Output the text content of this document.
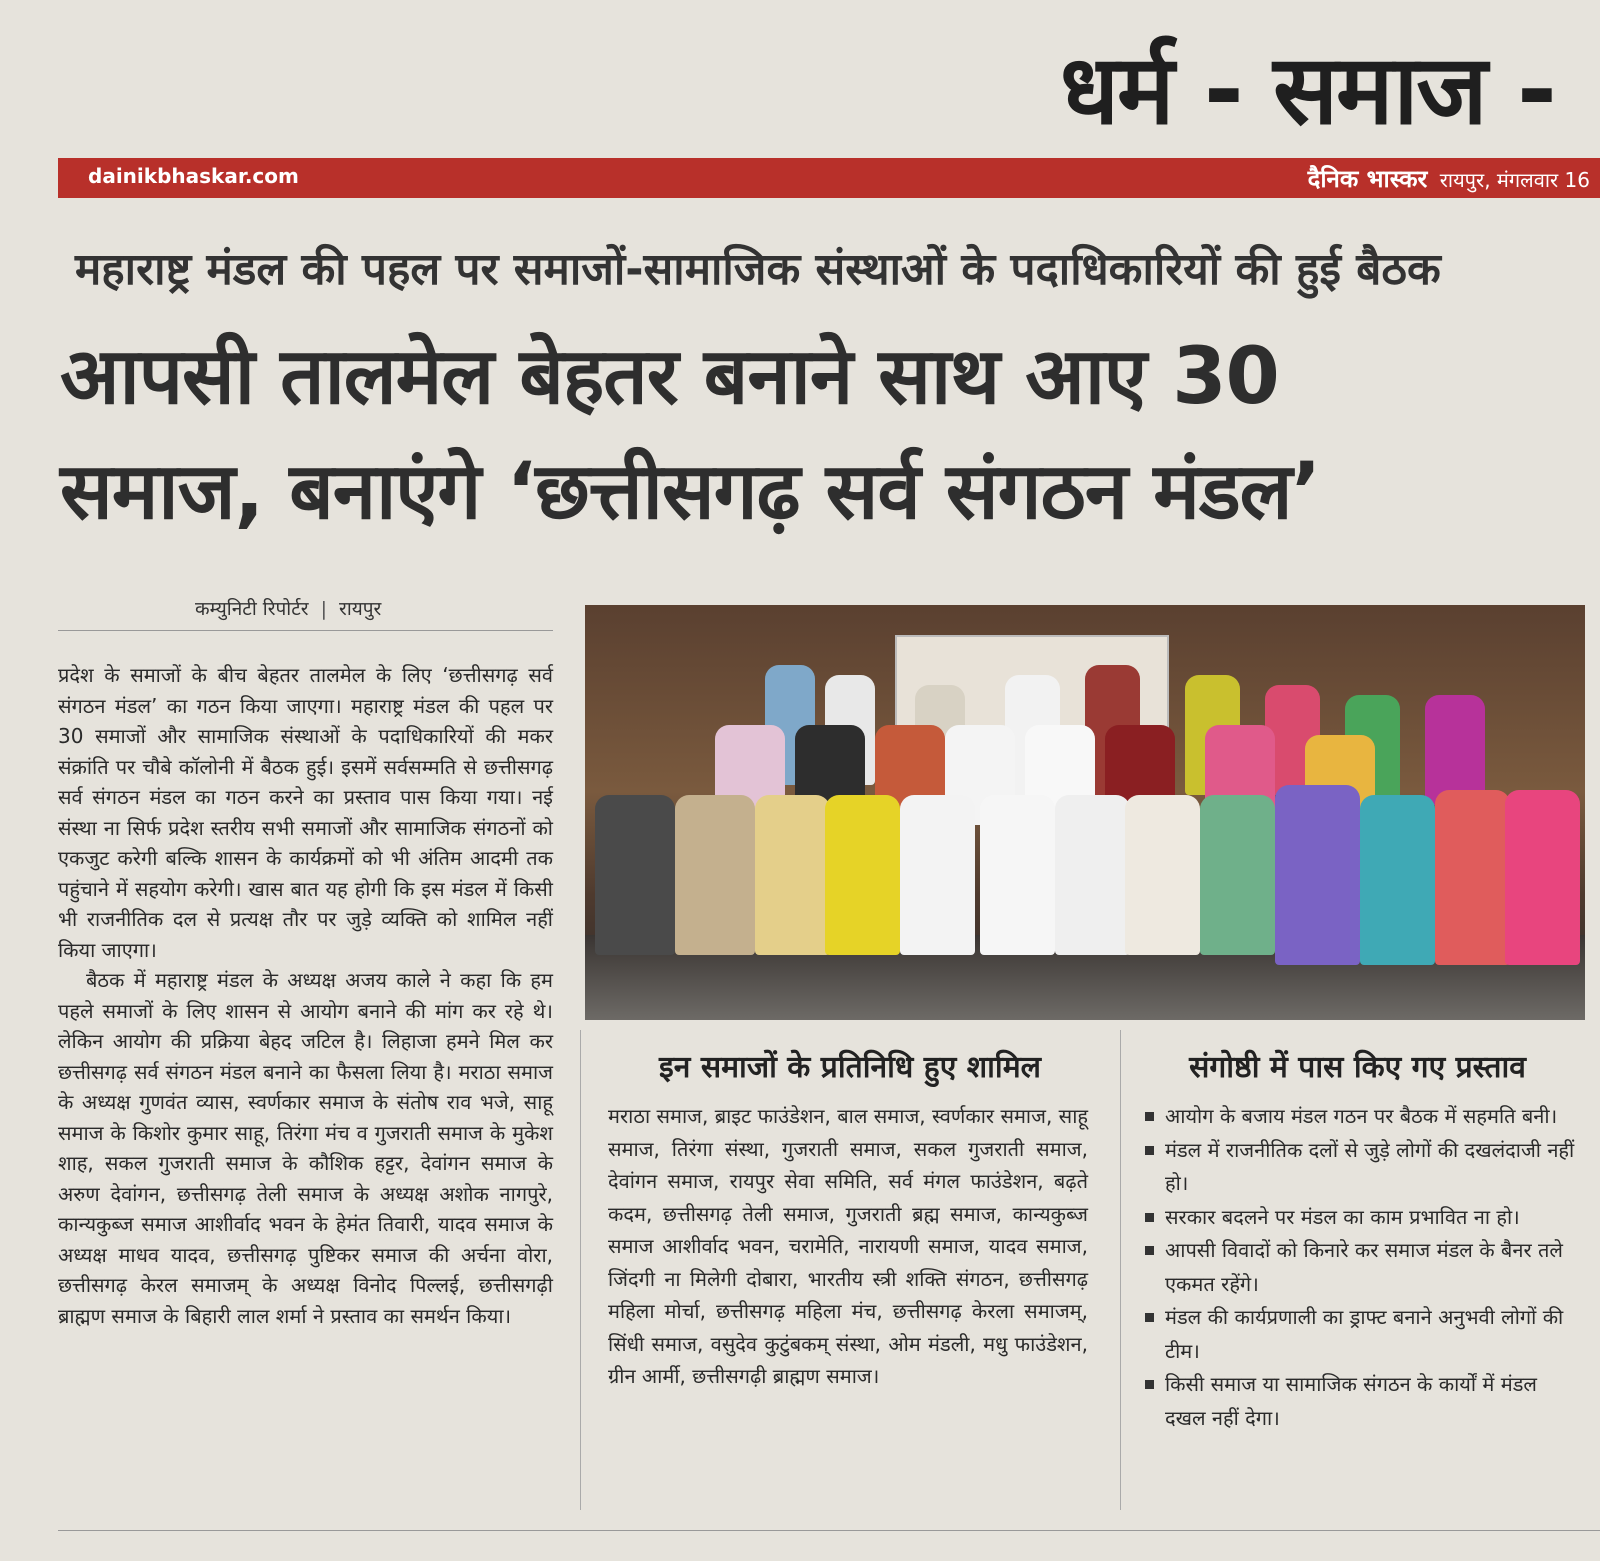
धर्म - समाज -
dainikbhaskar.com	दैनिक भास्कर रायपुर, मंगलवार 16
महाराष्ट्र मंडल की पहल पर समाजों-सामाजिक संस्थाओं के पदाधिकारियों की हुई बैठक
आपसी तालमेल बेहतर बनाने साथ आए 30
समाज, बनाएंगे ‘छत्तीसगढ़ सर्व संगठन मंडल’
कम्युनिटी रिपोर्टर | रायपुर

प्रदेश के समाजों के बीच बेहतर तालमेल के लिए ‘छत्तीसगढ़ सर्व संगठन मंडल’ का गठन किया जाएगा। महाराष्ट्र मंडल की पहल पर 30 समाजों और सामाजिक संस्थाओं के पदाधिकारियों की मकर संक्रांति पर चौबे कॉलोनी में बैठक हुई। इसमें सर्वसम्मति से छत्तीसगढ़ सर्व संगठन मंडल का गठन करने का प्रस्ताव पास किया गया। नई संस्था ना सिर्फ प्रदेश स्तरीय सभी समाजों और सामाजिक संगठनों को एकजुट करेगी बल्कि शासन के कार्यक्रमों को भी अंतिम आदमी तक पहुंचाने में सहयोग करेगी। खास बात यह होगी कि इस मंडल में किसी भी राजनीतिक दल से प्रत्यक्ष तौर पर जुड़े व्यक्ति को शामिल नहीं किया जाएगा।

बैठक में महाराष्ट्र मंडल के अध्यक्ष अजय काले ने कहा कि हम पहले समाजों के लिए शासन से आयोग बनाने की मांग कर रहे थे। लेकिन आयोग की प्रक्रिया बेहद जटिल है। लिहाजा हमने मिल कर छत्तीसगढ़ सर्व संगठन मंडल बनाने का फैसला लिया है। मराठा समाज के अध्यक्ष गुणवंत व्यास, स्वर्णकार समाज के संतोष राव भजे, साहू समाज के किशोर कुमार साहू, तिरंगा मंच व गुजराती समाज के मुकेश शाह, सकल गुजराती समाज के कौशिक हट्टर, देवांगन समाज के अरुण देवांगन, छत्तीसगढ़ तेली समाज के अध्यक्ष अशोक नागपुरे, कान्यकुब्ज समाज आशीर्वाद भवन के हेमंत तिवारी, यादव समाज के अध्यक्ष माधव यादव, छत्तीसगढ़ पुष्टिकर समाज की अर्चना वोरा, छत्तीसगढ़ केरल समाजम् के अध्यक्ष विनोद पिल्लई, छत्तीसगढ़ी ब्राह्मण समाज के बिहारी लाल शर्मा ने प्रस्ताव का समर्थन किया।

इन समाजों के प्रतिनिधि हुए शामिल
मराठा समाज, ब्राइट फाउंडेशन, बाल समाज, स्वर्णकार समाज, साहू समाज, तिरंगा संस्था, गुजराती समाज, सकल गुजराती समाज, देवांगन समाज, रायपुर सेवा समिति, सर्व मंगल फाउंडेशन, बढ़ते कदम, छत्तीसगढ़ तेली समाज, गुजराती ब्रह्म समाज, कान्यकुब्ज समाज आशीर्वाद भवन, चरामेति, नारायणी समाज, यादव समाज, जिंदगी ना मिलेगी दोबारा, भारतीय स्त्री शक्ति संगठन, छत्तीसगढ़ महिला मोर्चा, छत्तीसगढ़ महिला मंच, छत्तीसगढ़ केरला समाजम्, सिंधी समाज, वसुदेव कुटुंबकम् संस्था, ओम मंडली, मधु फाउंडेशन, ग्रीन आर्मी, छत्तीसगढ़ी ब्राह्मण समाज।
संगोष्ठी में पास किए गए प्रस्ताव
आयोग के बजाय मंडल गठन पर बैठक में सहमति बनी।
मंडल में राजनीतिक दलों से जुड़े लोगों की दखलंदाजी नहीं हो।
सरकार बदलने पर मंडल का काम प्रभावित ना हो।
आपसी विवादों को किनारे कर समाज मंडल के बैनर तले एकमत रहेंगे।
मंडल की कार्यप्रणाली का ड्राफ्ट बनाने अनुभवी लोगों की टीम।
किसी समाज या सामाजिक संगठन के कार्यों में मंडल दखल नहीं देगा।
